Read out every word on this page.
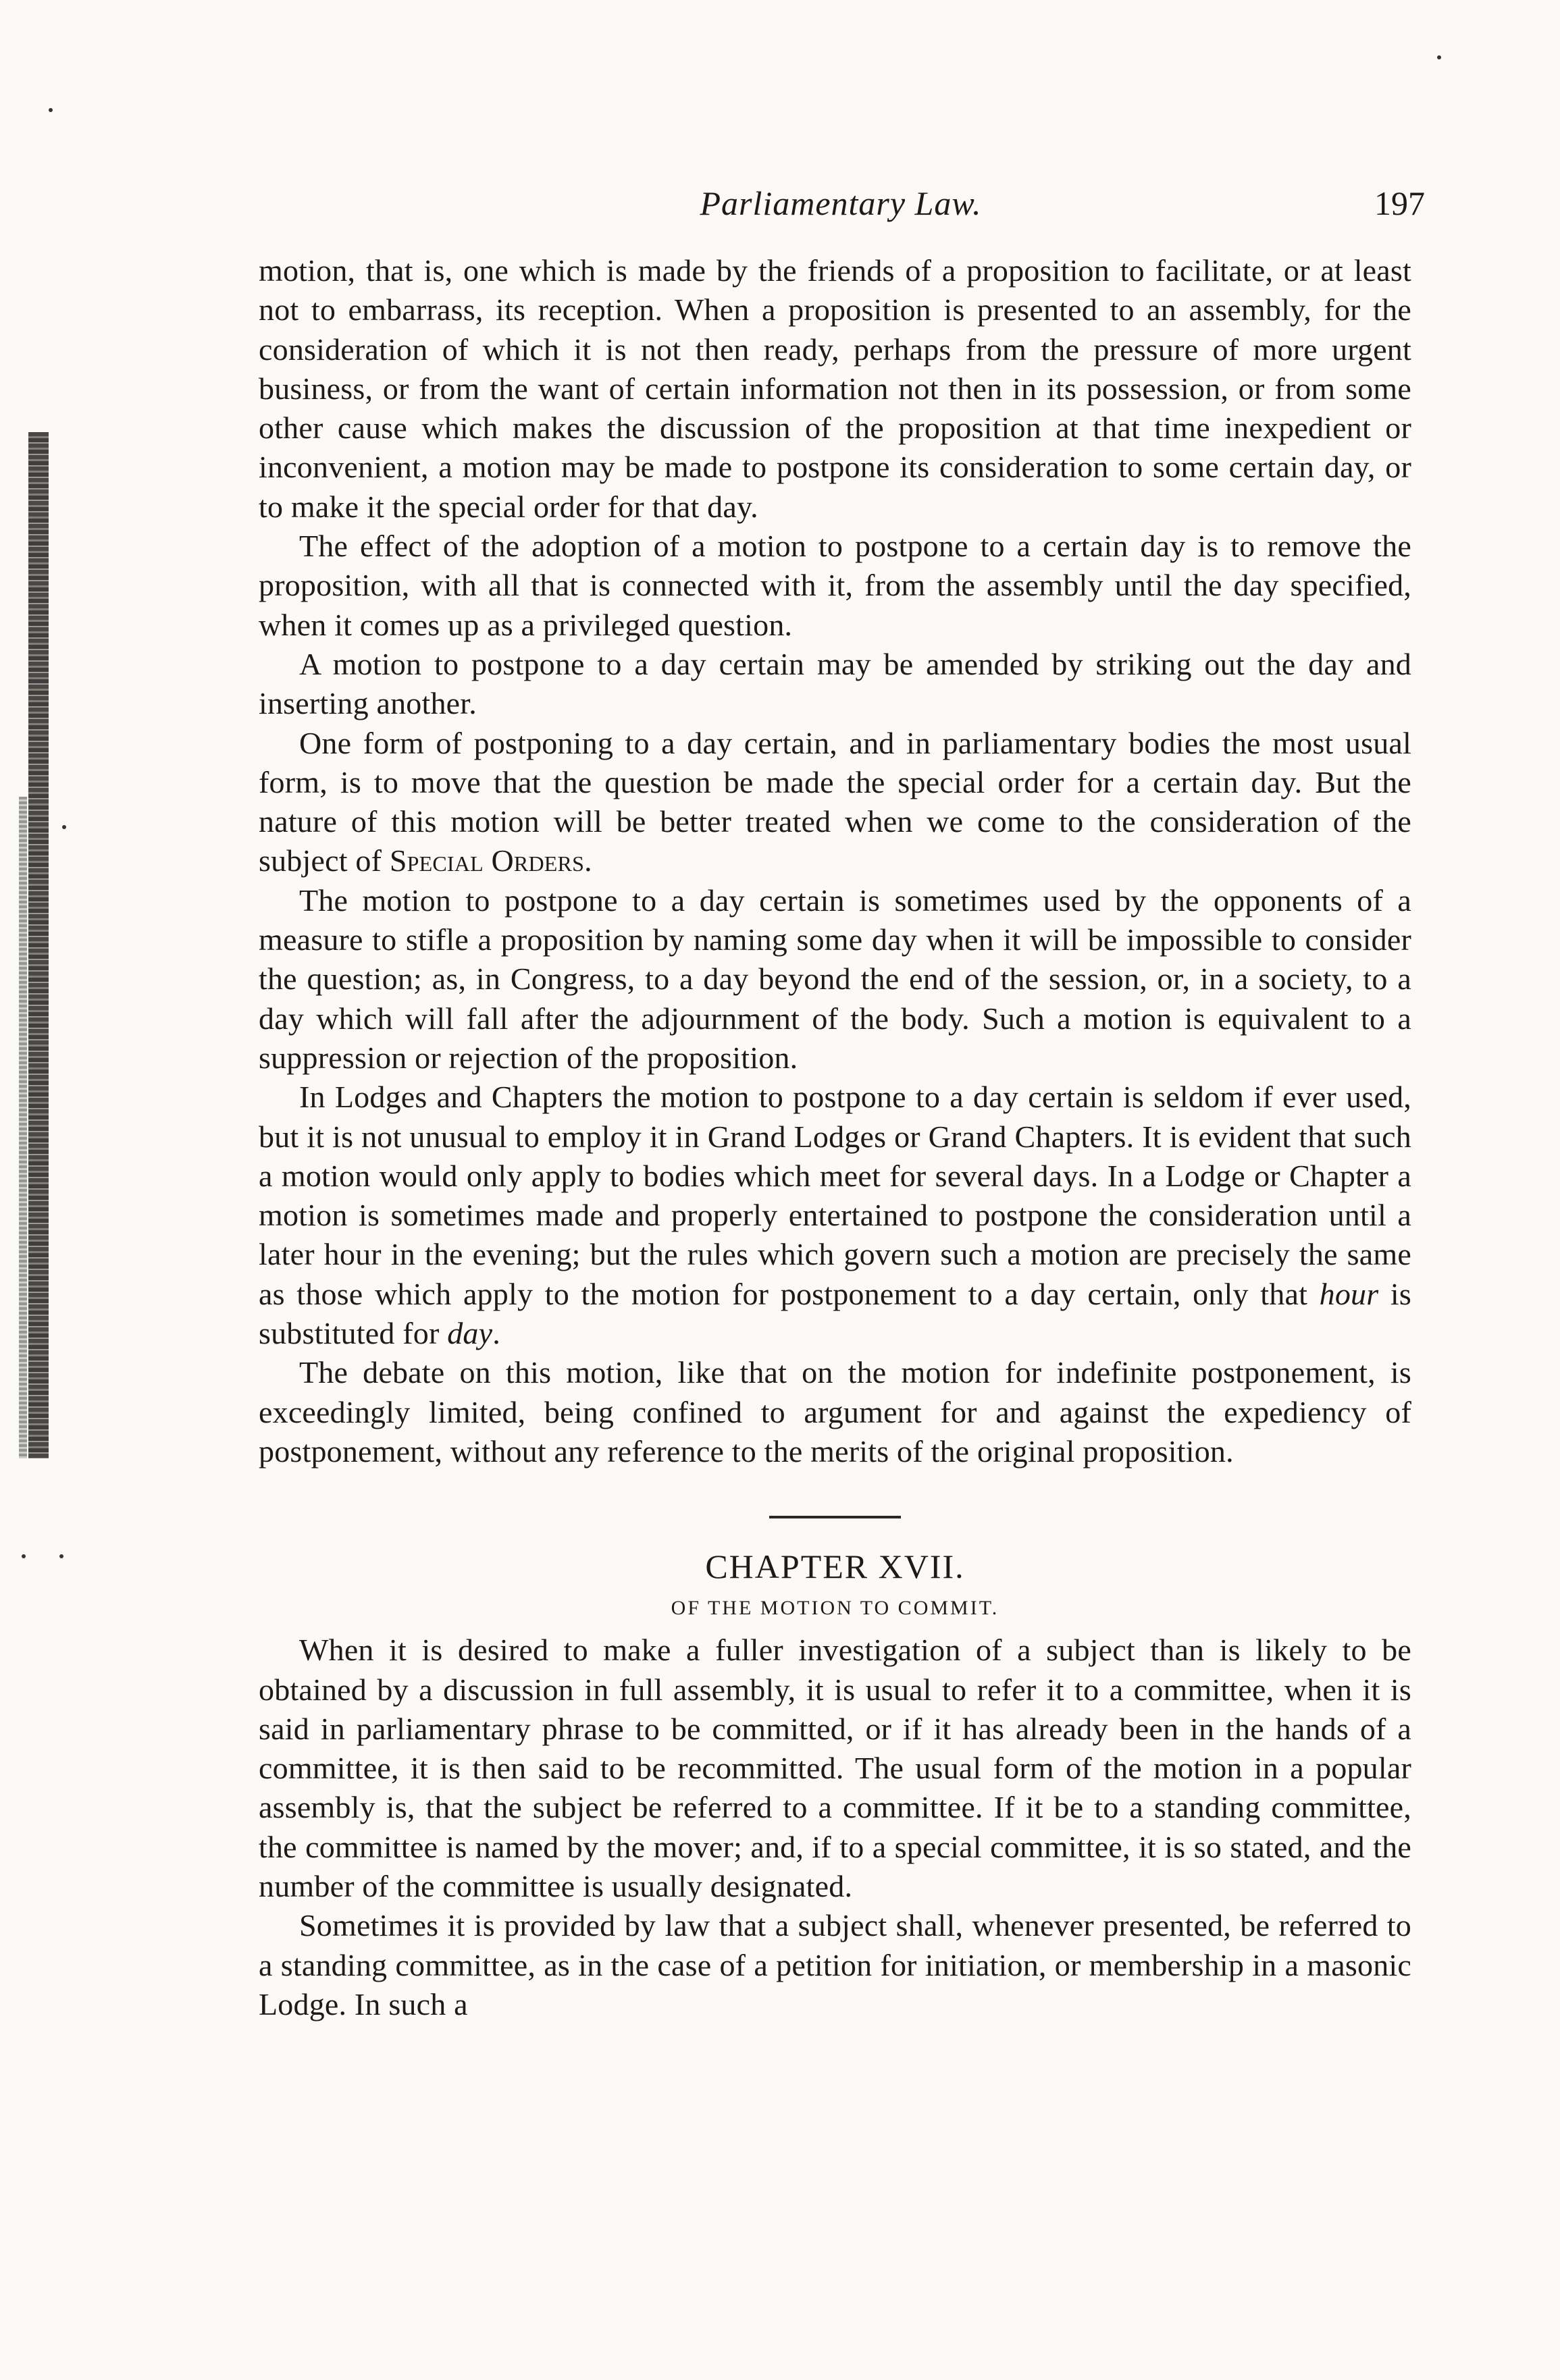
Parliamentary Law.	197

motion, that is, one which is made by the friends of a proposition to facilitate, or at least not to embarrass, its reception. When a proposition is presented to an assembly, for the consideration of which it is not then ready, perhaps from the pressure of more urgent business, or from the want of certain information not then in its possession, or from some other cause which makes the discussion of the proposition at that time inexpedient or inconvenient, a motion may be made to postpone its consideration to some certain day, or to make it the special order for that day.

The effect of the adoption of a motion to postpone to a certain day is to remove the proposition, with all that is connected with it, from the assembly until the day specified, when it comes up as a privileged question.

A motion to postpone to a day certain may be amended by striking out the day and inserting another.

One form of postponing to a day certain, and in parliamentary bodies the most usual form, is to move that the question be made the special order for a certain day. But the nature of this motion will be better treated when we come to the consideration of the subject of Special Orders.

The motion to postpone to a day certain is sometimes used by the opponents of a measure to stifle a proposition by naming some day when it will be impossible to consider the question; as, in Congress, to a day beyond the end of the session, or, in a society, to a day which will fall after the adjournment of the body. Such a motion is equivalent to a suppression or rejection of the proposition.

In Lodges and Chapters the motion to postpone to a day certain is seldom if ever used, but it is not unusual to employ it in Grand Lodges or Grand Chapters. It is evident that such a motion would only apply to bodies which meet for several days. In a Lodge or Chapter a motion is sometimes made and properly entertained to postpone the consideration until a later hour in the evening; but the rules which govern such a motion are precisely the same as those which apply to the motion for postponement to a day certain, only that hour is substituted for day.

The debate on this motion, like that on the motion for indefinite postponement, is exceedingly limited, being confined to argument for and against the expediency of postponement, without any reference to the merits of the original proposition.

CHAPTER XVII.
OF THE MOTION TO COMMIT.

When it is desired to make a fuller investigation of a subject than is likely to be obtained by a discussion in full assembly, it is usual to refer it to a committee, when it is said in parliamentary phrase to be committed, or if it has already been in the hands of a committee, it is then said to be recommitted. The usual form of the motion in a popular assembly is, that the subject be referred to a committee. If it be to a standing committee, the committee is named by the mover; and, if to a special committee, it is so stated, and the number of the committee is usually designated.

Sometimes it is provided by law that a subject shall, whenever presented, be referred to a standing committee, as in the case of a petition for initiation, or membership in a masonic Lodge. In such a
